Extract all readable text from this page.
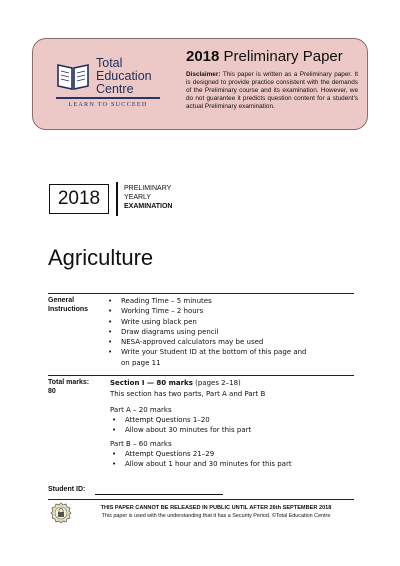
Total
Education
Centre
LEARN TO SUCCEED
2018 Preliminary Paper
Disclaimer: This paper is written as a Preliminary paper. It is designed to provide practice consistent with the demands of the Preliminary course and its examination. However, we do not guarantee it predicts question content for a student's actual Preliminary examination.
2018	PRELIMINARY
YEARLY
EXAMINATION
Agriculture
General
Instructions
• Reading Time – 5 minutes
• Working Time – 2 hours
• Write using black pen
• Draw diagrams using pencil
• NESA-approved calculators may be used
• Write your Student ID at the bottom of this page and on page 11
Total marks:
80
Section I — 80 marks (pages 2–18)
This section has two parts, Part A and Part B
Part A – 20 marks
• Attempt Questions 1–20
• Allow about 30 minutes for this part
Part B – 60 marks
• Attempt Questions 21–29
• Allow about 1 hour and 30 minutes for this part
Student ID:
THIS PAPER CANNOT BE RELEASED IN PUBLIC UNTIL AFTER 26th SEPTEMBER 2018
This paper is used with the understanding that it has a Security Period. ©Total Education Centre
